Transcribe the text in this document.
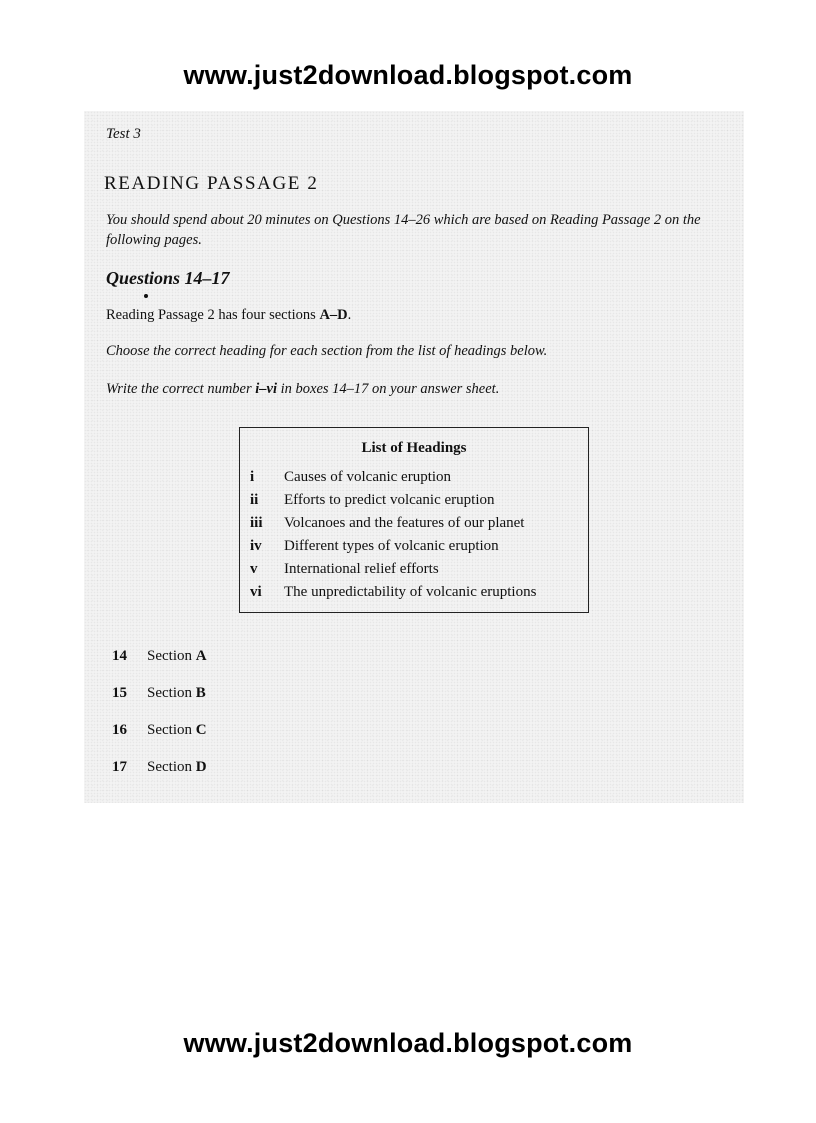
www.just2download.blogspot.com
Test 3
READING PASSAGE 2
You should spend about 20 minutes on Questions 14–26 which are based on Reading Passage 2 on the following pages.
Questions 14–17
Reading Passage 2 has four sections A–D.
Choose the correct heading for each section from the list of headings below.
Write the correct number i–vi in boxes 14–17 on your answer sheet.
List of Headings
i Causes of volcanic eruption
ii Efforts to predict volcanic eruption
iii Volcanoes and the features of our planet
iv Different types of volcanic eruption
v International relief efforts
vi The unpredictability of volcanic eruptions
14 Section A
15 Section B
16 Section C
17 Section D
www.just2download.blogspot.com
